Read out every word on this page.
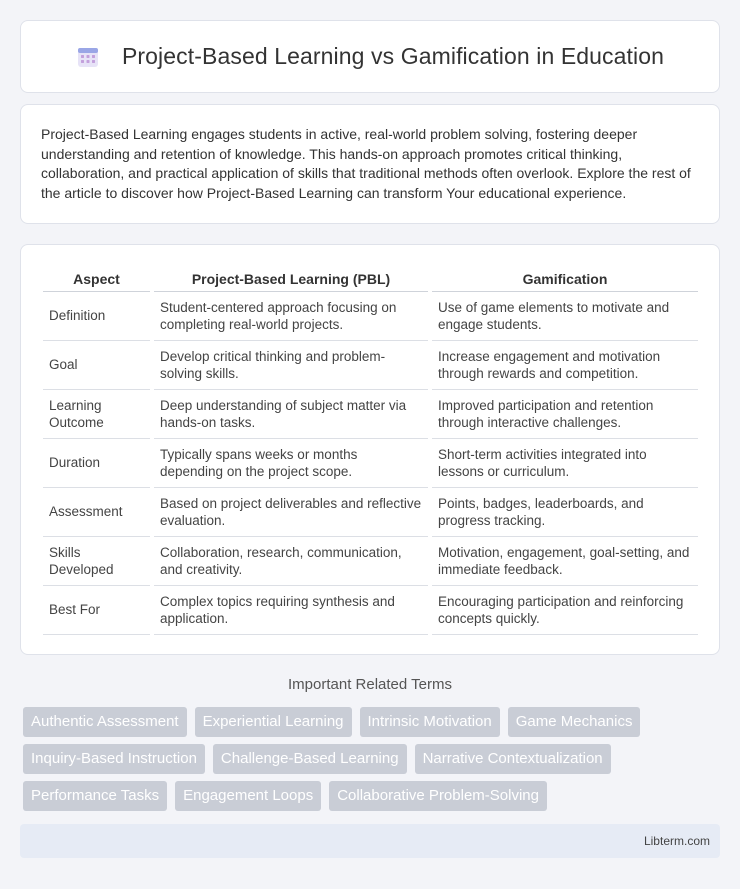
Project-Based Learning vs Gamification in Education

Project-Based Learning engages students in active, real-world problem solving, fostering deeper understanding and retention of knowledge. This hands-on approach promotes critical thinking, collaboration, and practical application of skills that traditional methods often overlook. Explore the rest of the article to discover how Project-Based Learning can transform Your educational experience.

Aspect		Project-Based Learning (PBL)		Gamification
Definition		Student-centered approach focusing on completing real-world projects.		Use of game elements to motivate and engage students.
Goal		Develop critical thinking and problem-solving skills.		Increase engagement and motivation through rewards and competition.
Learning Outcome		Deep understanding of subject matter via hands-on tasks.		Improved participation and retention through interactive challenges.
Duration		Typically spans weeks or months depending on the project scope.		Short-term activities integrated into lessons or curriculum.
Assessment		Based on project deliverables and reflective evaluation.		Points, badges, leaderboards, and progress tracking.
Skills Developed		Collaboration, research, communication, and creativity.		Motivation, engagement, goal-setting, and immediate feedback.
Best For		Complex topics requiring synthesis and application.		Encouraging participation and reinforcing concepts quickly.
Important Related Terms
Authentic Assessment	Experiential Learning	Intrinsic Motivation	Game Mechanics
Inquiry-Based Instruction	Challenge-Based Learning	Narrative Contextualization
Performance Tasks	Engagement Loops	Collaborative Problem-Solving
Libterm.com
